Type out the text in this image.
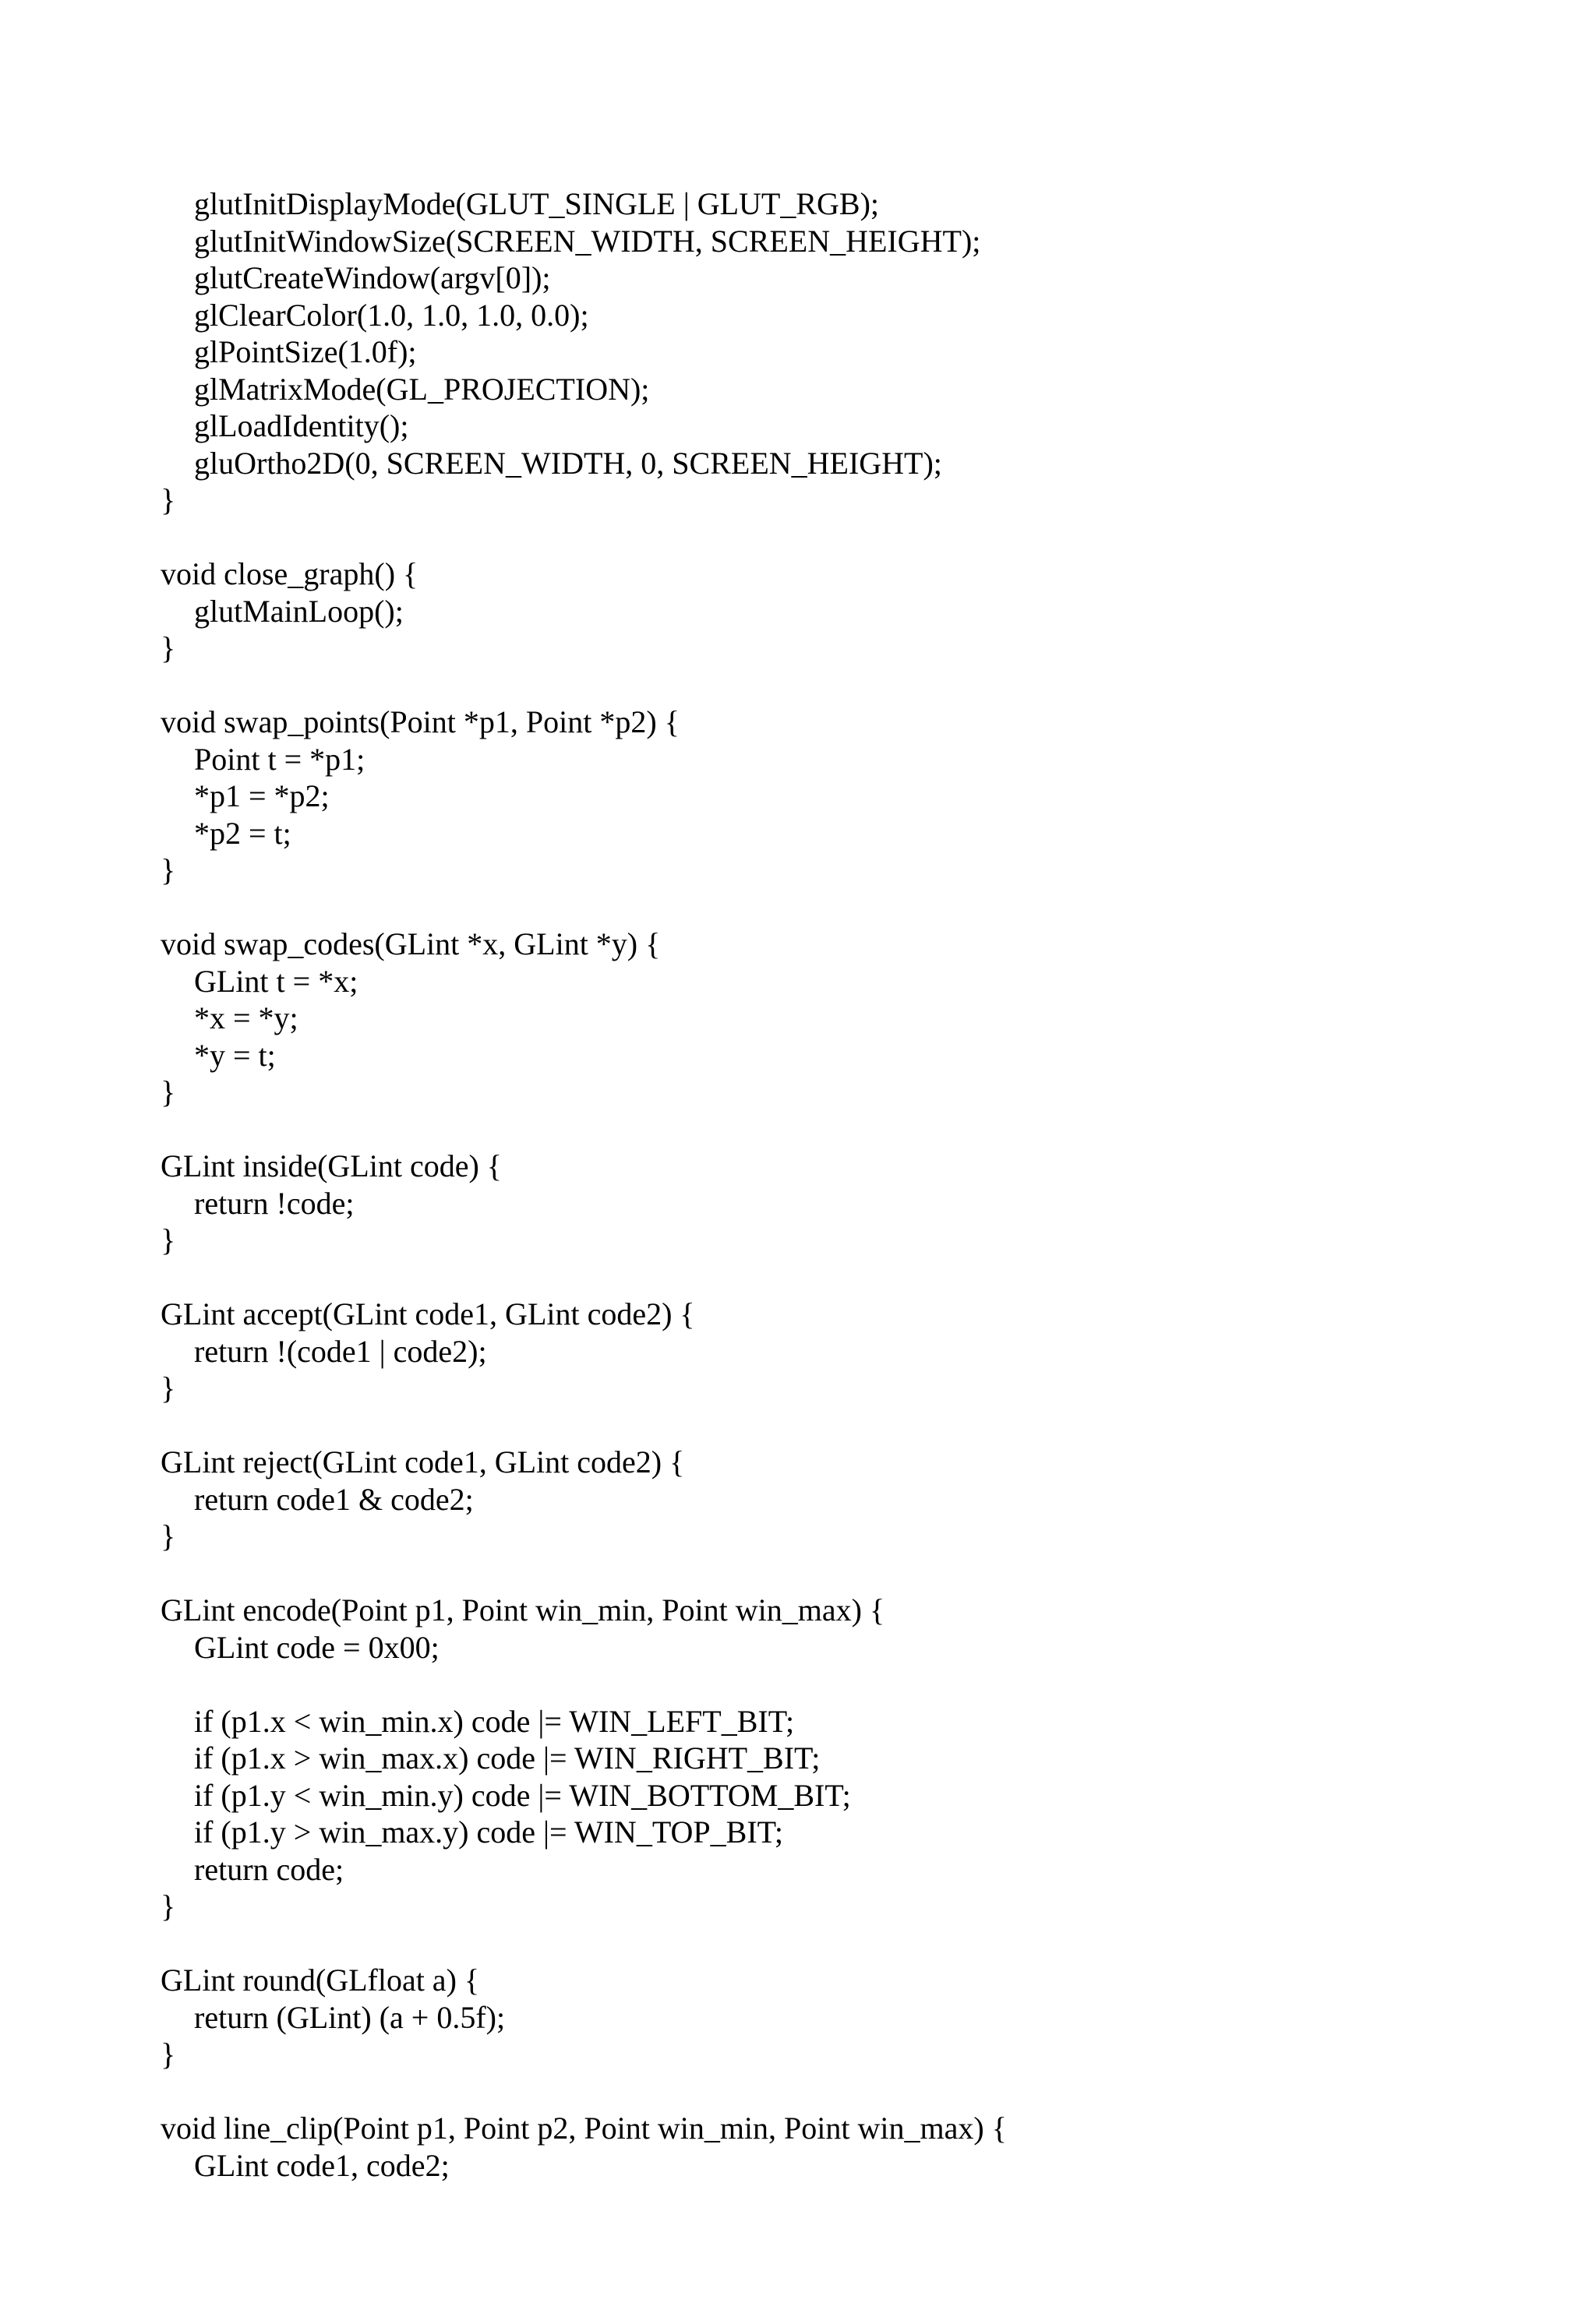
glutInitDisplayMode(GLUT_SINGLE | GLUT_RGB);
glutInitWindowSize(SCREEN_WIDTH, SCREEN_HEIGHT);
glutCreateWindow(argv[0]);
glClearColor(1.0, 1.0, 1.0, 0.0);
glPointSize(1.0f);
glMatrixMode(GL_PROJECTION);
glLoadIdentity();
gluOrtho2D(0, SCREEN_WIDTH, 0, SCREEN_HEIGHT);
}
void close_graph() {
glutMainLoop();
}
void swap_points(Point *p1, Point *p2) {
Point t = *p1;
*p1 = *p2;
*p2 = t;
}
void swap_codes(GLint *x, GLint *y) {
GLint t = *x;
*x = *y;
*y = t;
}
GLint inside(GLint code) {
return !code;
}
GLint accept(GLint code1, GLint code2) {
return !(code1 | code2);
}
GLint reject(GLint code1, GLint code2) {
return code1 & code2;
}
GLint encode(Point p1, Point win_min, Point win_max) {
GLint code = 0x00;
if (p1.x < win_min.x) code |= WIN_LEFT_BIT;
if (p1.x > win_max.x) code |= WIN_RIGHT_BIT;
if (p1.y < win_min.y) code |= WIN_BOTTOM_BIT;
if (p1.y > win_max.y) code |= WIN_TOP_BIT;
return code;
}
GLint round(GLfloat a) {
return (GLint) (a + 0.5f);
}
void line_clip(Point p1, Point p2, Point win_min, Point win_max) {
GLint code1, code2;
